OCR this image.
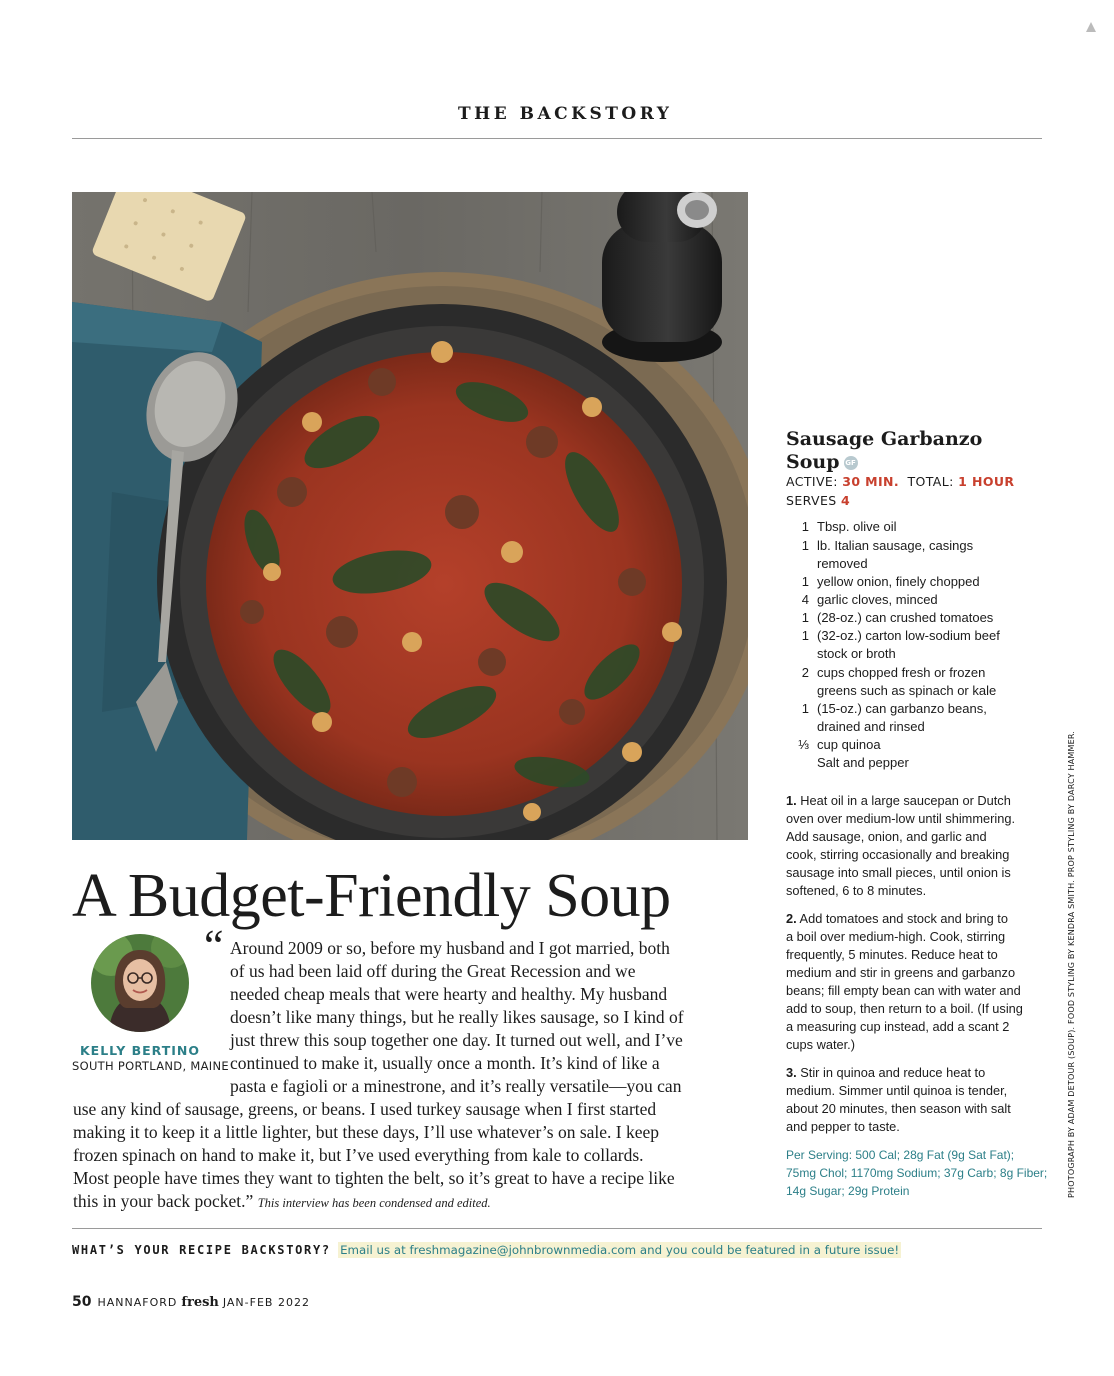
THE BACKSTORY
A Budget-Friendly Soup
KELLY BERTINO
SOUTH PORTLAND, MAINE
“ Around 2009 or so, before my husband and I got married, both
of us had been laid off during the Great Recession and we
needed cheap meals that were hearty and healthy. My husband
doesn’t like many things, but he really likes sausage, so I kind of
just threw this soup together one day. It turned out well, and I’ve
continued to make it, usually once a month. It’s kind of like a
pasta e fagioli or a minestrone, and it’s really versatile—you can
use any kind of sausage, greens, or beans. I used turkey sausage when I first started
making it to keep it a little lighter, but these days, I’ll use whatever’s on sale. I keep
frozen spinach on hand to make it, but I’ve used everything from kale to collards.
Most people have times they want to tighten the belt, so it’s great to have a recipe like
this in your back pocket.” This interview has been condensed and edited.
Sausage Garbanzo
Soup GF
ACTIVE: 30 MIN. TOTAL: 1 HOUR
SERVES 4
1 Tbsp. olive oil
1 lb. Italian sausage, casings
removed
1 yellow onion, finely chopped
4 garlic cloves, minced
1 (28-oz.) can crushed tomatoes
1 (32-oz.) carton low-sodium beef
stock or broth
2 cups chopped fresh or frozen
greens such as spinach or kale
1 (15-oz.) can garbanzo beans,
drained and rinsed
⅓ cup quinoa
Salt and pepper
1. Heat oil in a large saucepan or Dutch
oven over medium-low until shimmering.
Add sausage, onion, and garlic and
cook, stirring occasionally and breaking
sausage into small pieces, until onion is
softened, 6 to 8 minutes.
2. Add tomatoes and stock and bring to
a boil over medium-high. Cook, stirring
frequently, 5 minutes. Reduce heat to
medium and stir in greens and garbanzo
beans; fill empty bean can with water and
add to soup, then return to a boil. (If using
a measuring cup instead, add a scant 2
cups water.)
3. Stir in quinoa and reduce heat to
medium. Simmer until quinoa is tender,
about 20 minutes, then season with salt
and pepper to taste.
Per Serving: 500 Cal; 28g Fat (9g Sat Fat);
75mg Chol; 1170mg Sodium; 37g Carb; 8g Fiber;
14g Sugar; 29g Protein	PHOTOGRAPH BY ADAM DETOUR (SOUP). FOOD STYLING BY KENDRA SMITH. PROP STYLING BY DARCY HAMMER.
WHAT’S YOUR RECIPE BACKSTORY? Email us at freshmagazine@johnbrownmedia.com and you could be featured in a future issue!
50 HANNAFORD fresh JAN-FEB 2022
